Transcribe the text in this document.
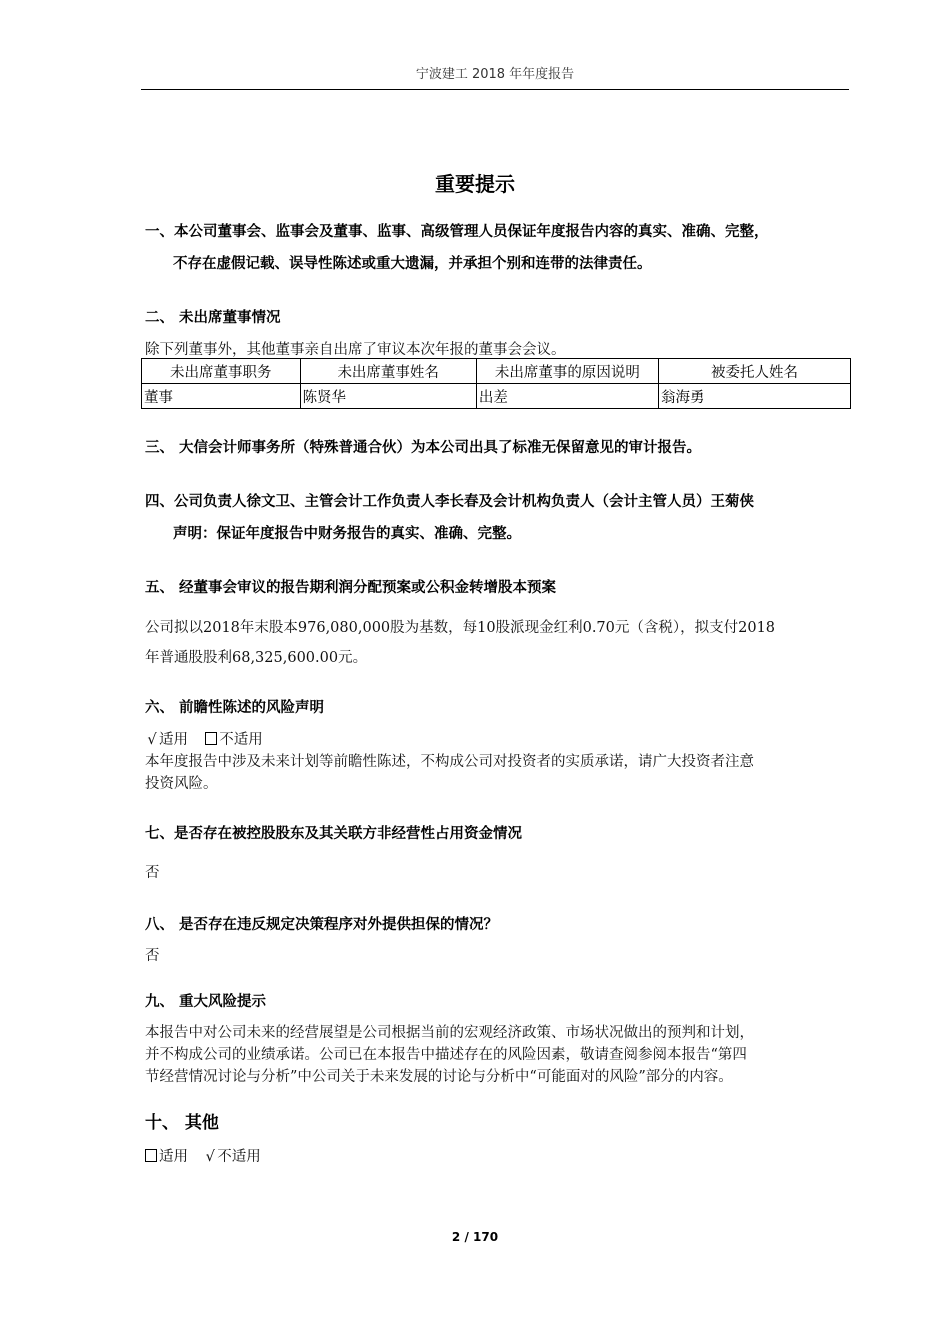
宁波建工 2018 年年度报告
重要提示
一、本公司董事会、监事会及董事、监事、高级管理人员保证年度报告内容的真实、准确、完整，
不存在虚假记载、误导性陈述或重大遗漏，并承担个别和连带的法律责任。
二、 未出席董事情况
除下列董事外，其他董事亲自出席了审议本次年报的董事会会议。
未出席董事职务	未出席董事姓名	未出席董事的原因说明	被委托人姓名
董事	陈贤华	出差	翁海勇
三、 大信会计师事务所（特殊普通合伙）为本公司出具了标准无保留意见的审计报告。
四、公司负责人徐文卫、主管会计工作负责人李长春及会计机构负责人（会计主管人员）王菊侠
声明：保证年度报告中财务报告的真实、准确、完整。
五、 经董事会审议的报告期利润分配预案或公积金转增股本预案
公司拟以2018年末股本976,080,000股为基数，每10股派现金红利0.70元（含税），拟支付2018
年普通股股利68,325,600.00元。
六、 前瞻性陈述的风险声明
√ 适用 不适用
本年度报告中涉及未来计划等前瞻性陈述，不构成公司对投资者的实质承诺，请广大投资者注意
投资风险。
七、是否存在被控股股东及其关联方非经营性占用资金情况
否
八、 是否存在违反规定决策程序对外提供担保的情况？
否
九、 重大风险提示
本报告中对公司未来的经营展望是公司根据当前的宏观经济政策、市场状况做出的预判和计划，
并不构成公司的业绩承诺。公司已在本报告中描述存在的风险因素，敬请查阅参阅本报告“第四
节经营情况讨论与分析”中公司关于未来发展的讨论与分析中“可能面对的风险”部分的内容。
十、 其他
适用 √ 不适用
2 / 170
